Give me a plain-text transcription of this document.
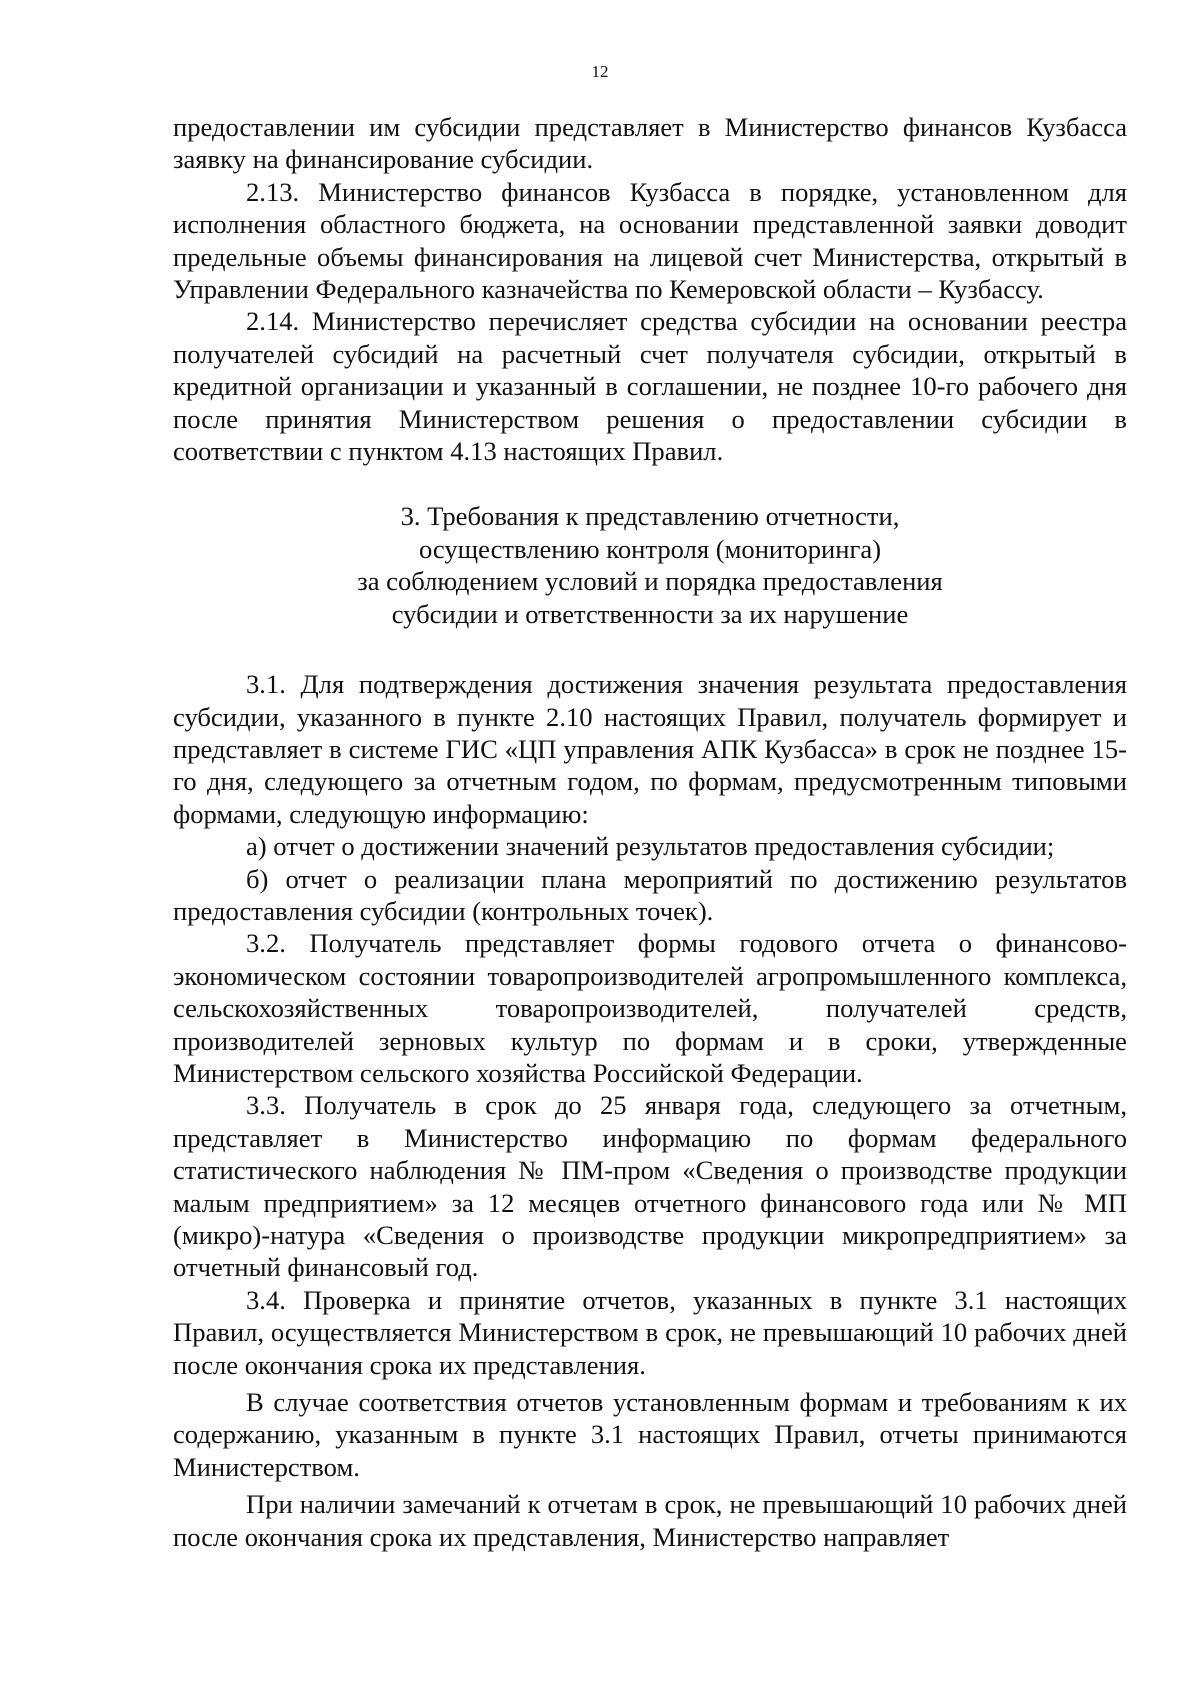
12

предоставлении им субсидии представляет в Министерство финансов Кузбасса заявку на финансирование субсидии.

2.13. Министерство финансов Кузбасса в порядке, установленном для исполнения областного бюджета, на основании представленной заявки доводит предельные объемы финансирования на лицевой счет Министерства, открытый в Управлении Федерального казначейства по Кемеровской области – Кузбассу.

2.14. Министерство перечисляет средства субсидии на основании реестра получателей субсидий на расчетный счет получателя субсидии, открытый в кредитной организации и указанный в соглашении, не позднее 10-го рабочего дня после принятия Министерством решения о предоставлении субсидии в соответствии с пунктом 4.13 настоящих Правил.

3. Требования к представлению отчетности,
осуществлению контроля (мониторинга)
за соблюдением условий и порядка предоставления
субсидии и ответственности за их нарушение

3.1. Для подтверждения достижения значения результата предоставления субсидии, указанного в пункте 2.10 настоящих Правил, получатель формирует и представляет в системе ГИС «ЦП управления АПК Кузбасса» в срок не позднее 15-го дня, следующего за отчетным годом, по формам, предусмотренным типовыми формами, следующую информацию:

а) отчет о достижении значений результатов предоставления субсидии;

б) отчет о реализации плана мероприятий по достижению результатов предоставления субсидии (контрольных точек).

3.2. Получатель представляет формы годового отчета о финансово-экономическом состоянии товаропроизводителей агропромышленного комплекса, сельскохозяйственных товаропроизводителей, получателей средств, производителей зерновых культур по формам и в сроки, утвержденные Министерством сельского хозяйства Российской Федерации.

3.3. Получатель в срок до 25 января года, следующего за отчетным, представляет в Министерство информацию по формам федерального статистического наблюдения № ПМ-пром «Сведения о производстве продукции малым предприятием» за 12 месяцев отчетного финансового года или № МП (микро)-натура «Сведения о производстве продукции микропредприятием» за отчетный финансовый год.

3.4. Проверка и принятие отчетов, указанных в пункте 3.1 настоящих Правил, осуществляется Министерством в срок, не превышающий 10 рабочих дней после окончания срока их представления.

В случае соответствия отчетов установленным формам и требованиям к их содержанию, указанным в пункте 3.1 настоящих Правил, отчеты принимаются Министерством.

При наличии замечаний к отчетам в срок, не превышающий 10 рабочих дней после окончания срока их представления, Министерство направляет
